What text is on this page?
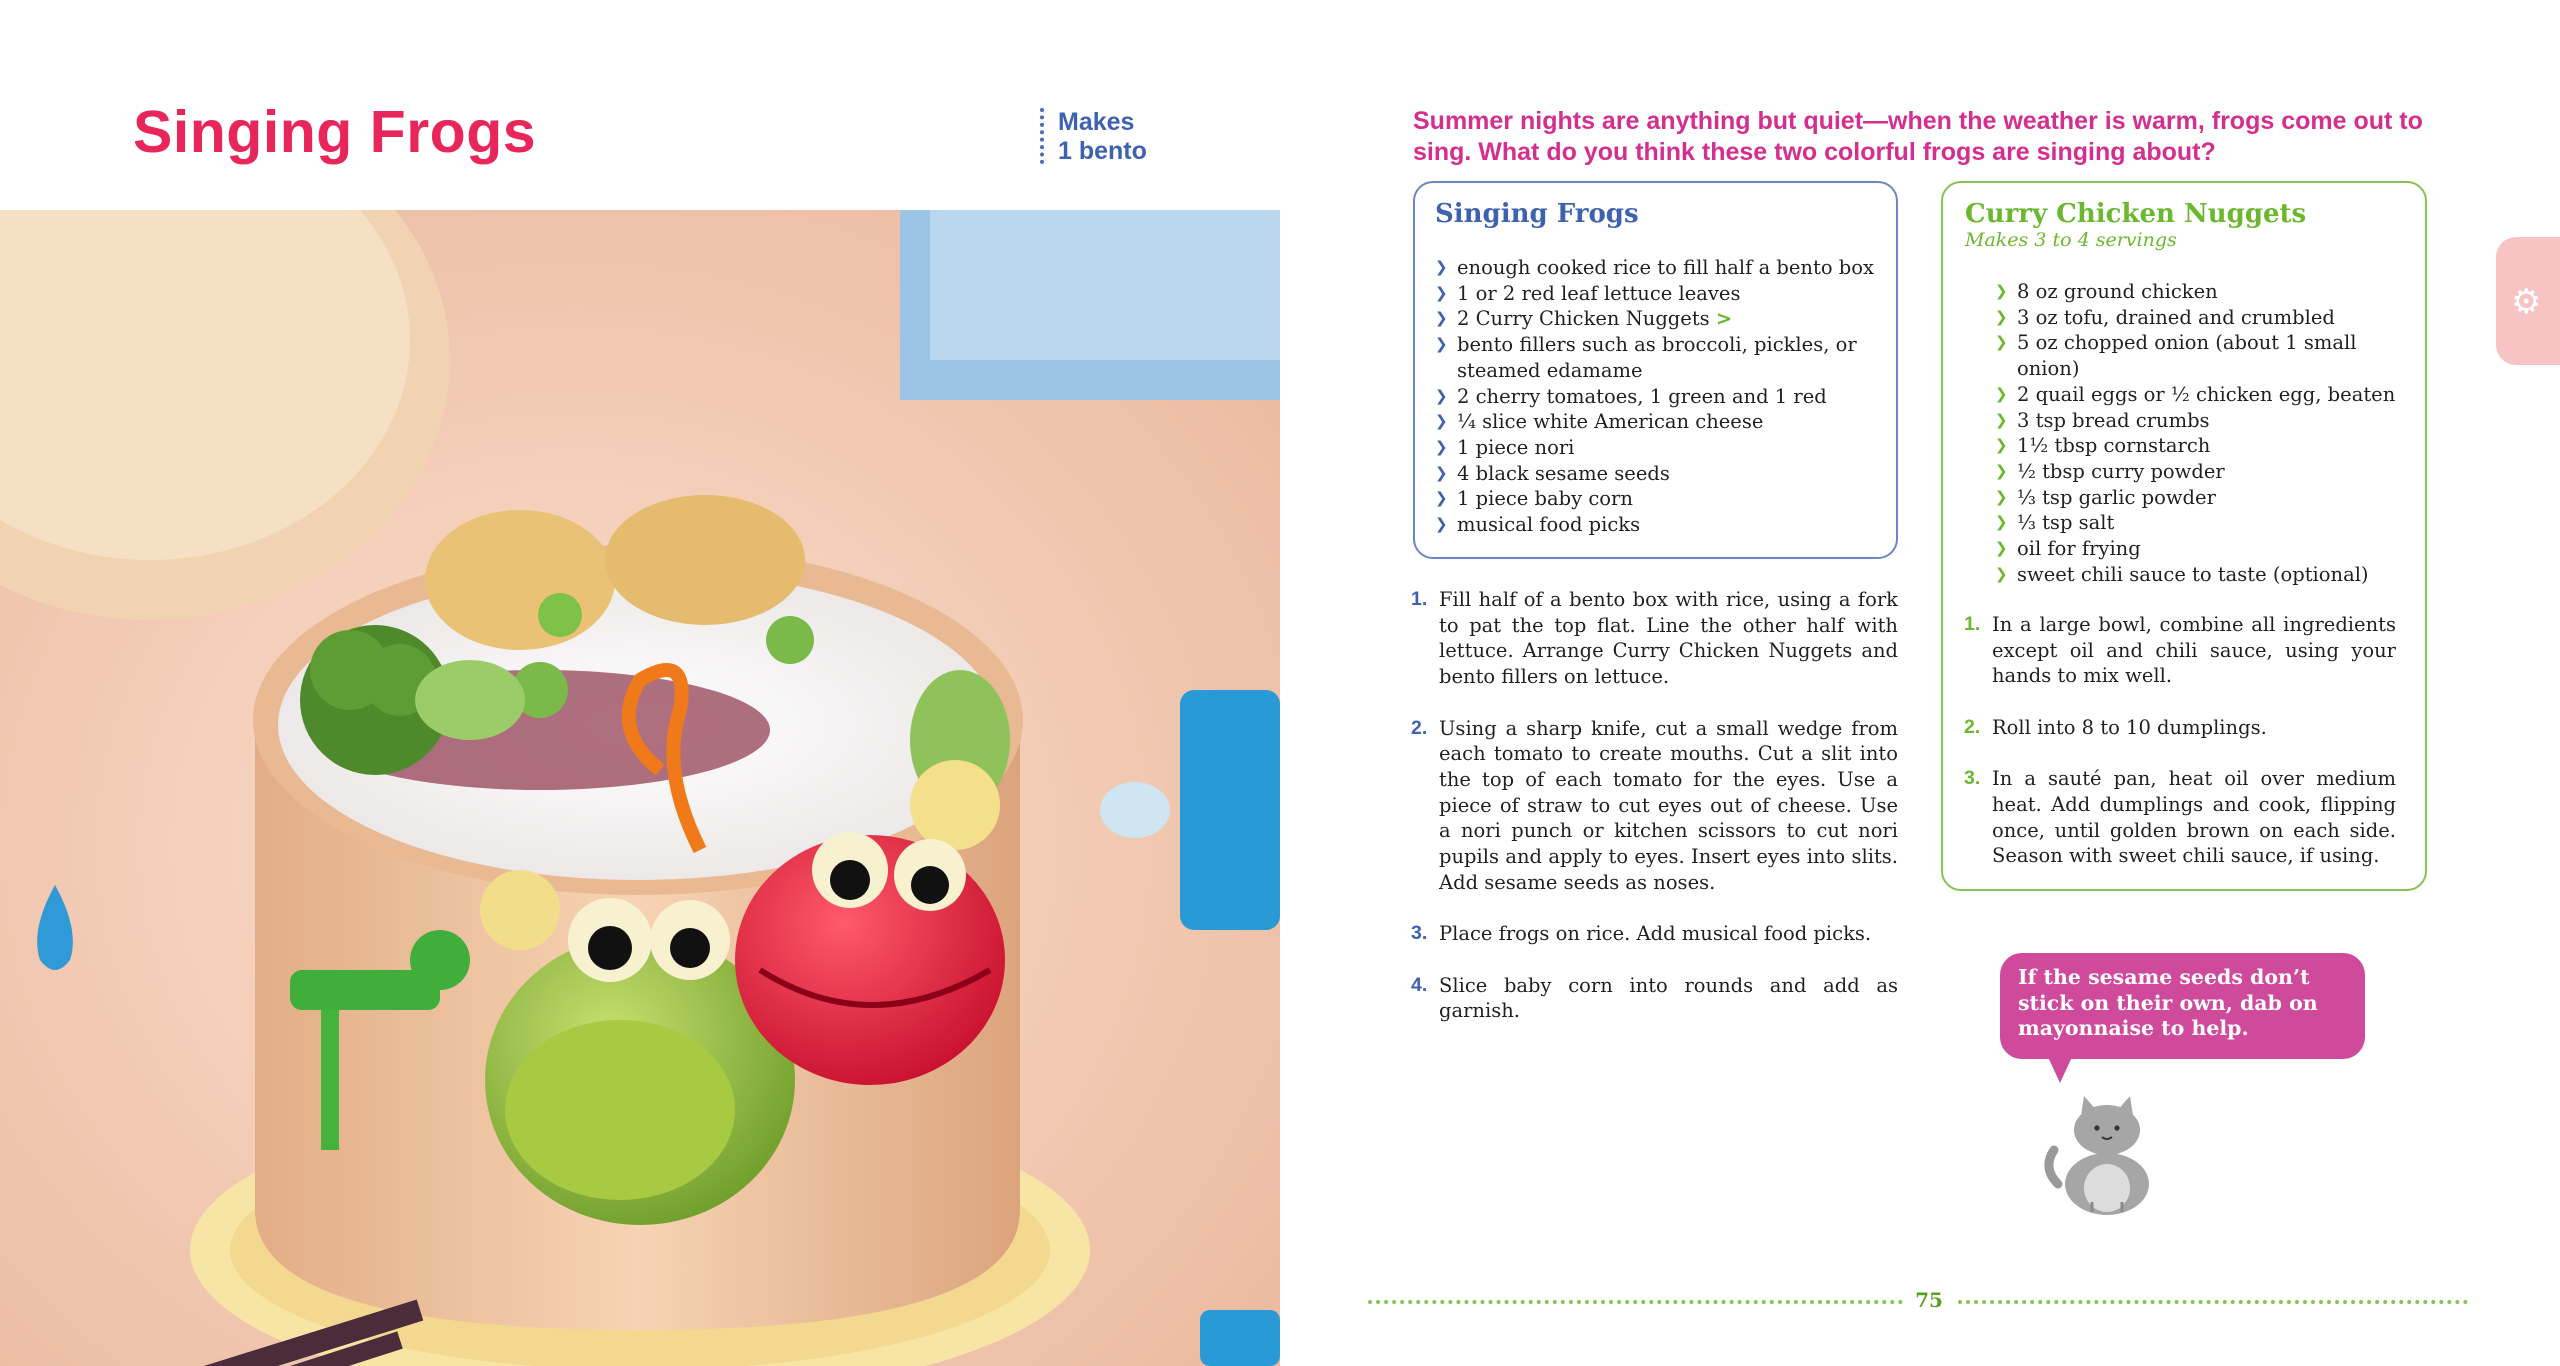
Singing Frogs	Makes
1 bento

Summer nights are anything but quiet—when the weather is warm, frogs come out to sing. What do you think these two colorful frogs are singing about?

Singing Frogs
❯ enough cooked rice to fill half a bento box
❯ 1 or 2 red leaf lettuce leaves
❯ 2 Curry Chicken Nuggets >
❯ bento fillers such as broccoli, pickles, or steamed edamame
❯ 2 cherry tomatoes, 1 green and 1 red
❯ ¼ slice white American cheese
❯ 1 piece nori
❯ 4 black sesame seeds
❯ 1 piece baby corn
❯ musical food picks
1. Fill half of a bento box with rice, using a fork to pat the top flat. Line the other half with lettuce. Arrange Curry Chicken Nuggets and bento fillers on lettuce.
2. Using a sharp knife, cut a small wedge from each tomato to create mouths. Cut a slit into the top of each tomato for the eyes. Use a piece of straw to cut eyes out of cheese. Use a nori punch or kitchen scissors to cut nori pupils and apply to eyes. Insert eyes into slits. Add sesame seeds as noses.
3. Place frogs on rice. Add musical food picks.
4. Slice baby corn into rounds and add as garnish.
Curry Chicken Nuggets
Makes 3 to 4 servings
❯ 8 oz ground chicken
❯ 3 oz tofu, drained and crumbled
❯ 5 oz chopped onion (about 1 small onion)
❯ 2 quail eggs or ½ chicken egg, beaten
❯ 3 tsp bread crumbs
❯ 1½ tbsp cornstarch
❯ ½ tbsp curry powder
❯ ⅓ tsp garlic powder
❯ ⅓ tsp salt
❯ oil for frying
❯ sweet chili sauce to taste (optional)
1. In a large bowl, combine all ingredients except oil and chili sauce, using your hands to mix well.
2. Roll into 8 to 10 dumplings.
3. In a sauté pan, heat oil over medium heat. Add dumplings and cook, flipping once, until golden brown on each side. Season with sweet chili sauce, if using.
If the sesame seeds don’t stick on their own, dab on mayonnaise to help.
75
⚙
